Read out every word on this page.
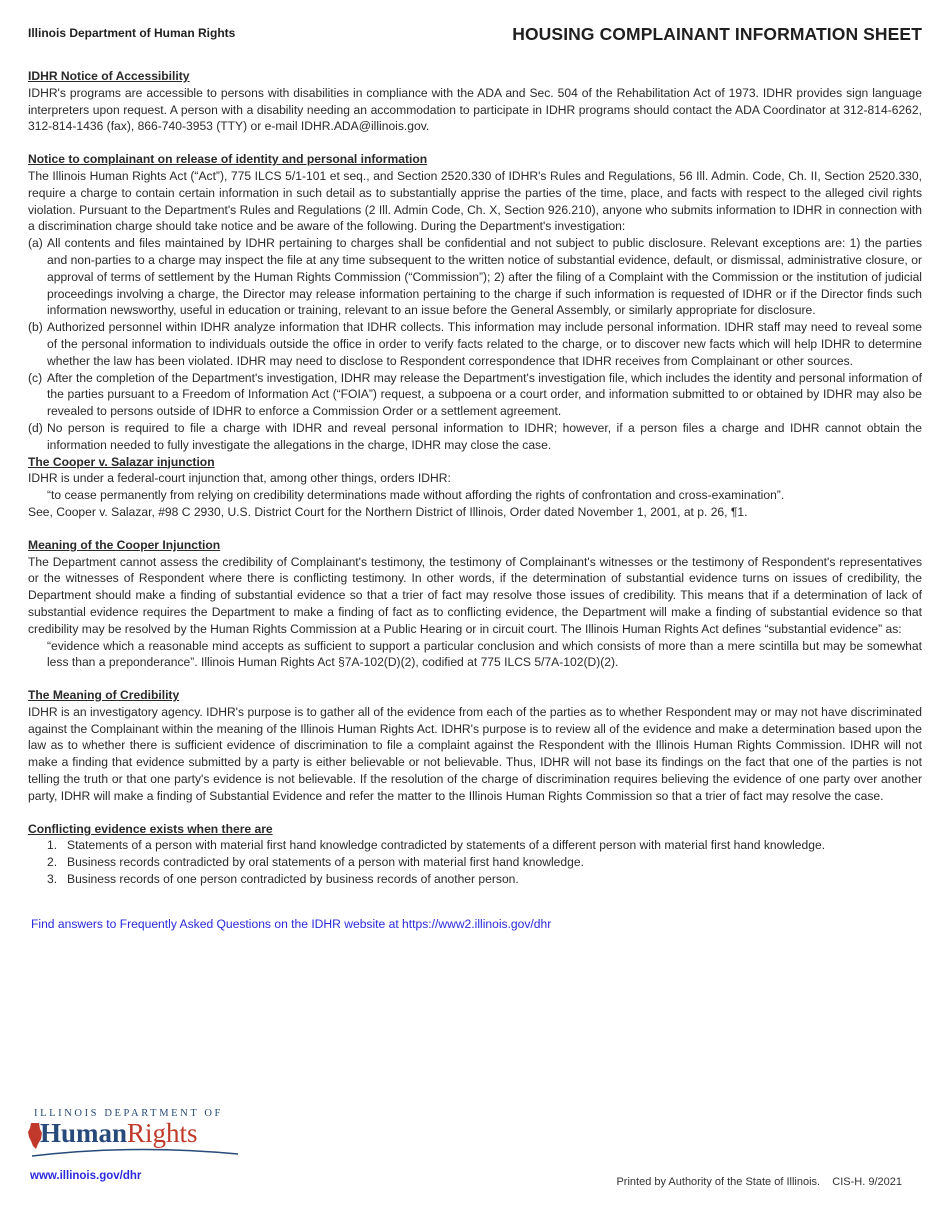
Illinois Department of Human Rights	HOUSING COMPLAINANT INFORMATION SHEET

IDHR Notice of Accessibility

IDHR's programs are accessible to persons with disabilities in compliance with the ADA and Sec. 504 of the Rehabilitation Act of 1973. IDHR provides sign language interpreters upon request. A person with a disability needing an accommodation to participate in IDHR programs should contact the ADA Coordinator at 312-814-6262, 312-814-1436 (fax), 866-740-3953 (TTY) or e-mail IDHR.ADA@illinois.gov.

Notice to complainant on release of identity and personal information

The Illinois Human Rights Act (“Act”), 775 ILCS 5/1-101 et seq., and Section 2520.330 of IDHR's Rules and Regulations, 56 Ill. Admin. Code, Ch. II, Section 2520.330, require a charge to contain certain information in such detail as to substantially apprise the parties of the time, place, and facts with respect to the alleged civil rights violation. Pursuant to the Department's Rules and Regulations (2 Ill. Admin Code, Ch. X, Section 926.210), anyone who submits information to IDHR in connection with a discrimination charge should take notice and be aware of the following. During the Department's investigation:

(a) All contents and files maintained by IDHR pertaining to charges shall be confidential and not subject to public disclosure. Relevant exceptions are: 1) the parties and non-parties to a charge may inspect the file at any time subsequent to the written notice of substantial evidence, default, or dismissal, administrative closure, or approval of terms of settlement by the Human Rights Commission (“Commission”); 2) after the filing of a Complaint with the Commission or the institution of judicial proceedings involving a charge, the Director may release information pertaining to the charge if such information is requested of IDHR or if the Director finds such information newsworthy, useful in education or training, relevant to an issue before the General Assembly, or similarly appropriate for disclosure.
(b) Authorized personnel within IDHR analyze information that IDHR collects. This information may include personal information. IDHR staff may need to reveal some of the personal information to individuals outside the office in order to verify facts related to the charge, or to discover new facts which will help IDHR to determine whether the law has been violated. IDHR may need to disclose to Respondent correspondence that IDHR receives from Complainant or other sources.
(c) After the completion of the Department's investigation, IDHR may release the Department's investigation file, which includes the identity and personal information of the parties pursuant to a Freedom of Information Act (“FOIA”) request, a subpoena or a court order, and information submitted to or obtained by IDHR may also be revealed to persons outside of IDHR to enforce a Commission Order or a settlement agreement.
(d) No person is required to file a charge with IDHR and reveal personal information to IDHR; however, if a person files a charge and IDHR cannot obtain the information needed to fully investigate the allegations in the charge, IDHR may close the case.

The Cooper v. Salazar injunction

IDHR is under a federal-court injunction that, among other things, orders IDHR:

“to cease permanently from relying on credibility determinations made without affording the rights of confrontation and cross-examination”.

See, Cooper v. Salazar, #98 C 2930, U.S. District Court for the Northern District of Illinois, Order dated November 1, 2001, at p. 26, ¶1.

Meaning of the Cooper Injunction

The Department cannot assess the credibility of Complainant's testimony, the testimony of Complainant's witnesses or the testimony of Respondent's representatives or the witnesses of Respondent where there is conflicting testimony. In other words, if the determination of substantial evidence turns on issues of credibility, the Department should make a finding of substantial evidence so that a trier of fact may resolve those issues of credibility. This means that if a determination of lack of substantial evidence requires the Department to make a finding of fact as to conflicting evidence, the Department will make a finding of substantial evidence so that credibility may be resolved by the Human Rights Commission at a Public Hearing or in circuit court. The Illinois Human Rights Act defines “substantial evidence” as:

“evidence which a reasonable mind accepts as sufficient to support a particular conclusion and which consists of more than a mere scintilla but may be somewhat less than a preponderance”. Illinois Human Rights Act §7A-102(D)(2), codified at 775 ILCS 5/7A-102(D)(2).

The Meaning of Credibility

IDHR is an investigatory agency. IDHR's purpose is to gather all of the evidence from each of the parties as to whether Respondent may or may not have discriminated against the Complainant within the meaning of the Illinois Human Rights Act. IDHR's purpose is to review all of the evidence and make a determination based upon the law as to whether there is sufficient evidence of discrimination to file a complaint against the Respondent with the Illinois Human Rights Commission. IDHR will not make a finding that evidence submitted by a party is either believable or not believable. Thus, IDHR will not base its findings on the fact that one of the parties is not telling the truth or that one party's evidence is not believable. If the resolution of the charge of discrimination requires believing the evidence of one party over another party, IDHR will make a finding of Substantial Evidence and refer the matter to the Illinois Human Rights Commission so that a trier of fact may resolve the case.

Conflicting evidence exists when there are

1. Statements of a person with material first hand knowledge contradicted by statements of a different person with material first hand knowledge.
2. Business records contradicted by oral statements of a person with material first hand knowledge.
3. Business records of one person contradicted by business records of another person.

Find answers to Frequently Asked Questions on the IDHR website at https://www2.illinois.gov/dhr

ILLINOIS DEPARTMENT OF
HumanRights
www.illinois.gov/dhr	Printed by Authority of the State of Illinois.    CIS-H. 9/2021
